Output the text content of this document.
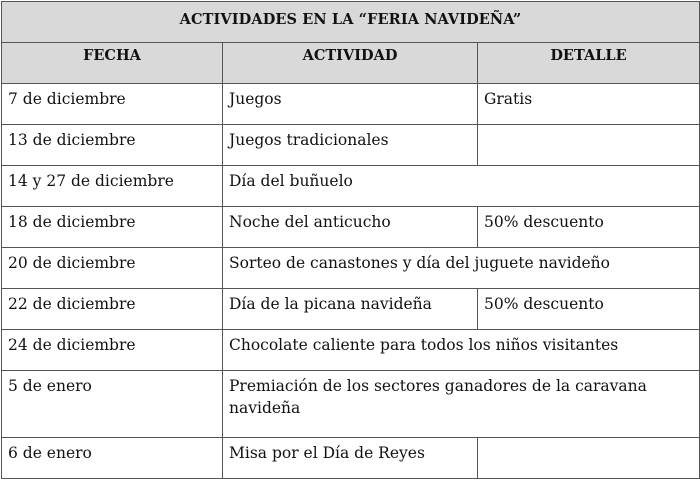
ACTIVIDADES EN LA “FERIA NAVIDEÑA”		

FECHA	ACTIVIDAD	DETALLE

7 de diciembre	Juegos	Gratis

13 de diciembre	Juegos tradicionales	

14 y 27 de diciembre	Día del buñuelo	

18 de diciembre	Noche del anticucho	50% descuento

20 de diciembre	Sorteo de canastones y día del juguete navideño	

22 de diciembre	Día de la picana navideña	50% descuento

24 de diciembre	Chocolate caliente para todos los niños visitantes	

5 de enero	Premiación de los sectores ganadores de la caravana navideña	

6 de enero	Misa por el Día de Reyes	
